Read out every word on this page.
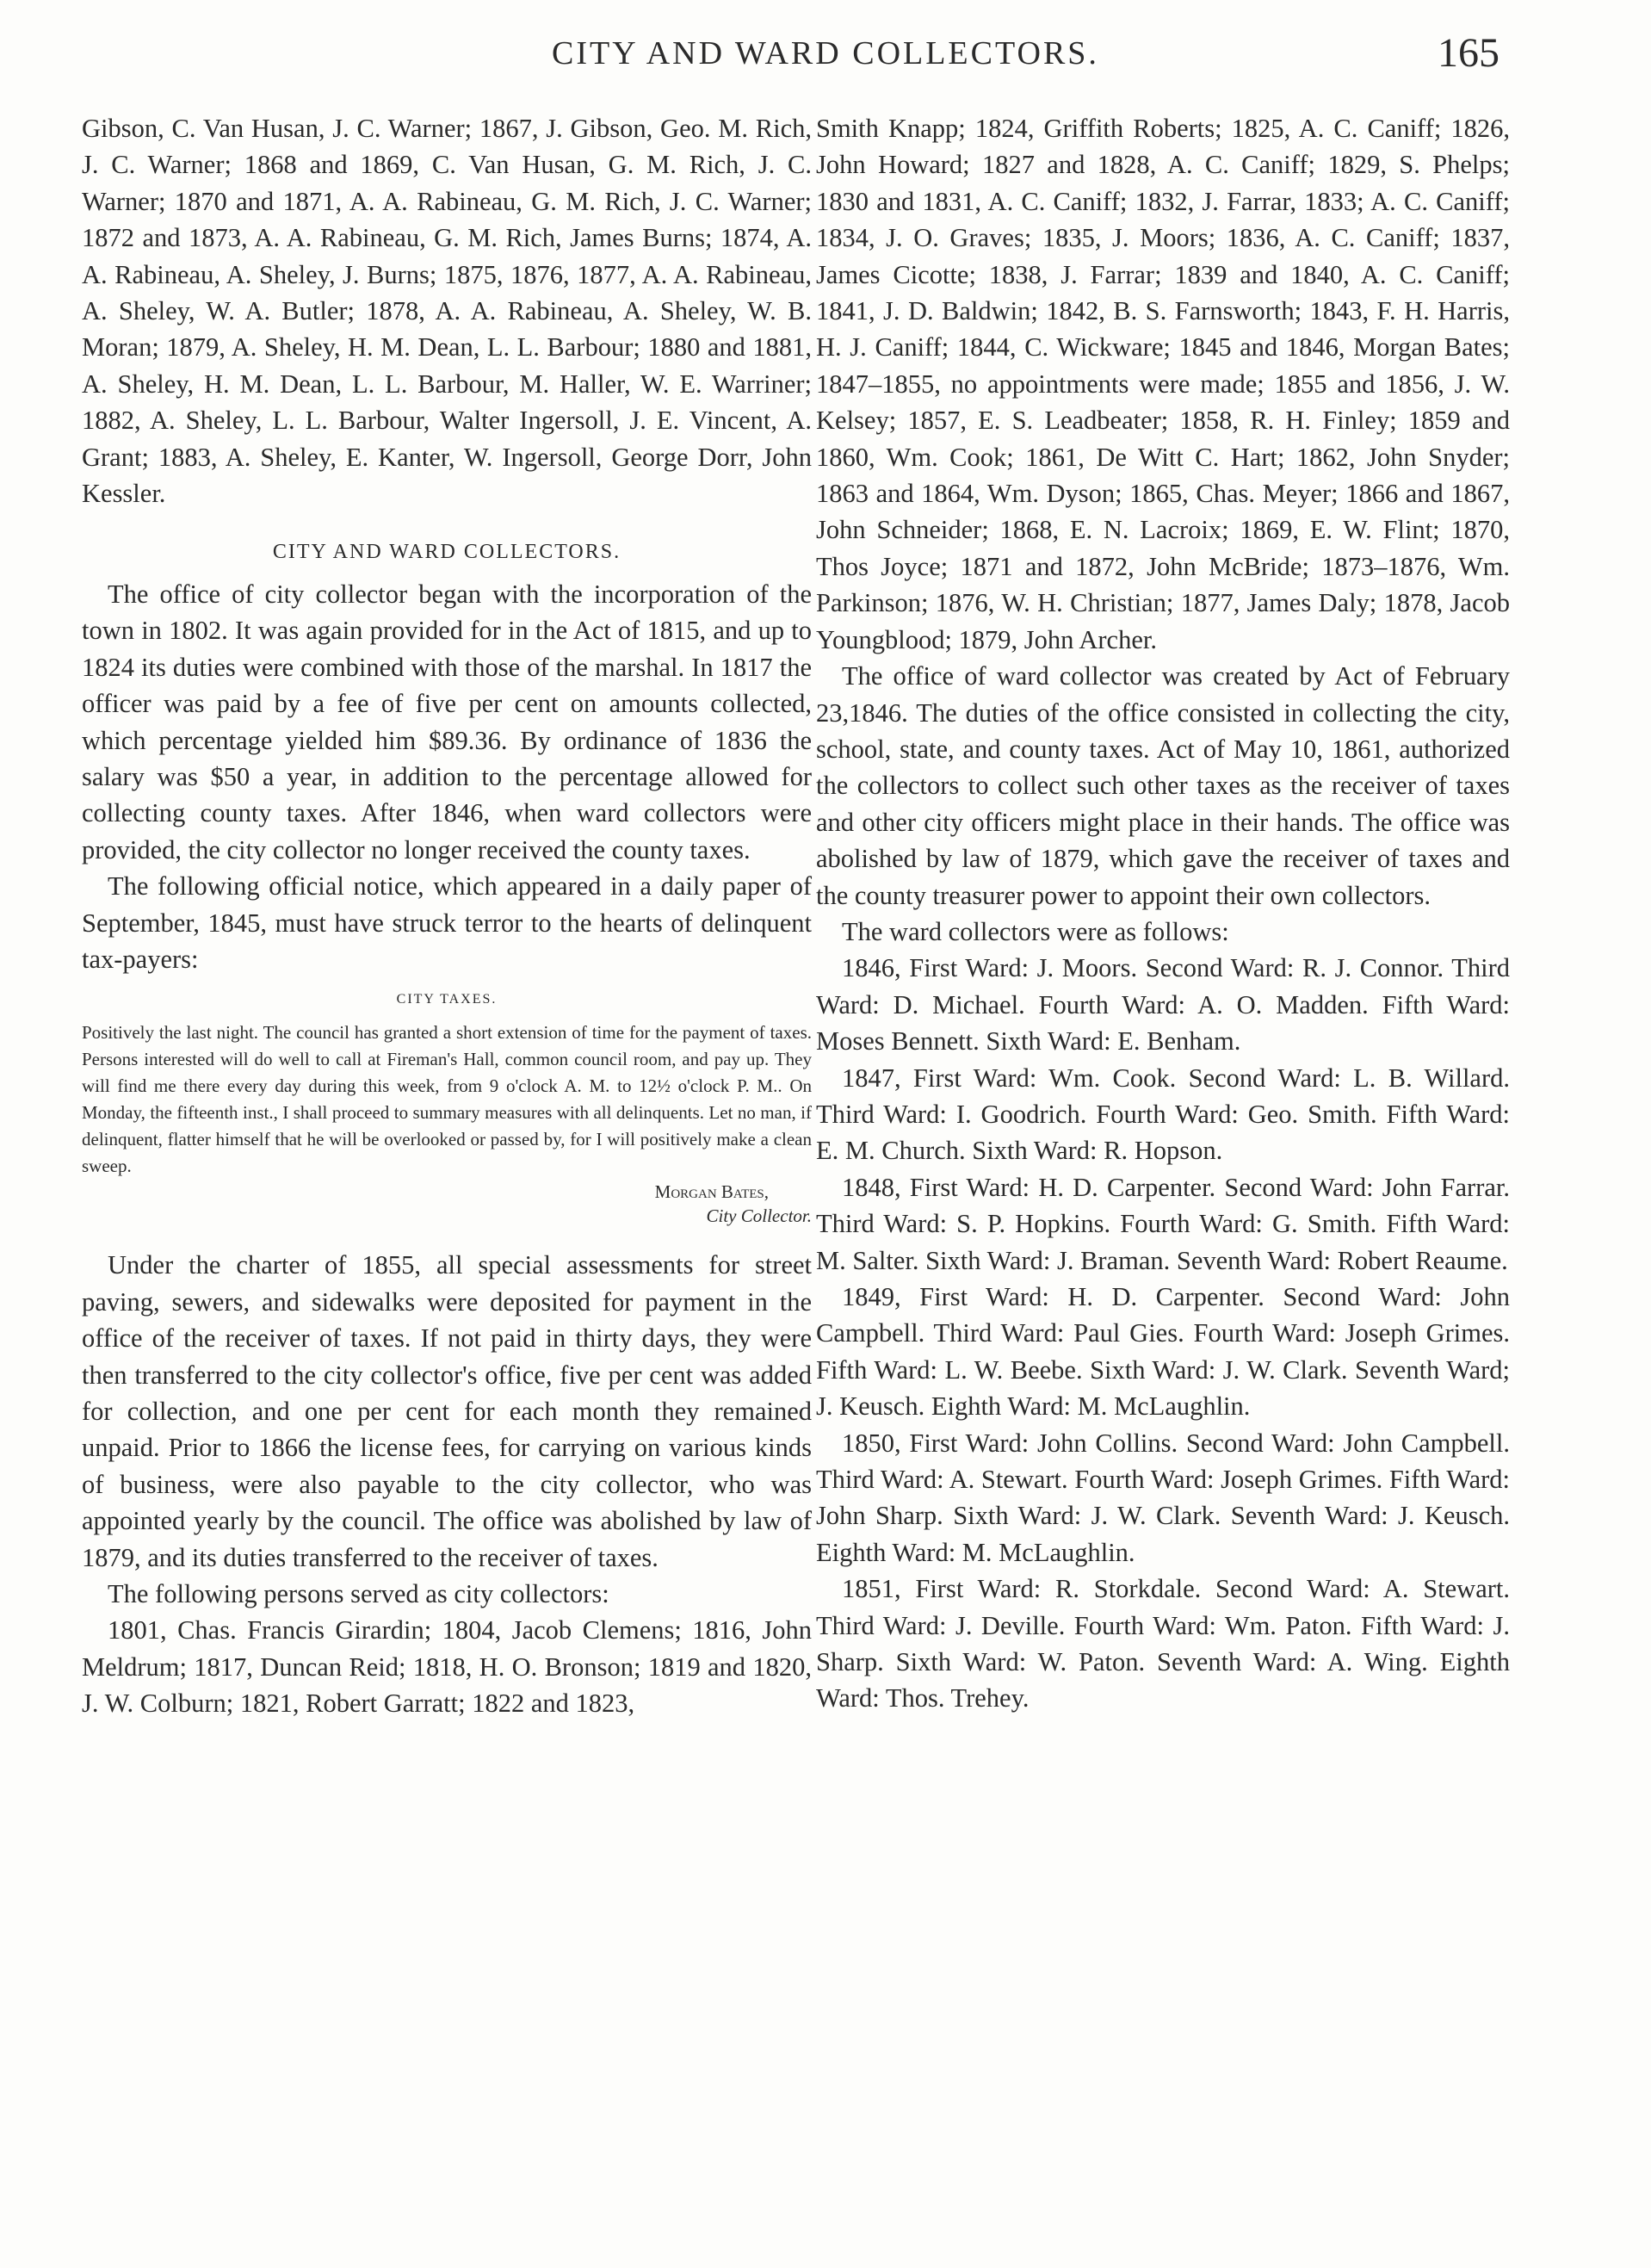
CITY AND WARD COLLECTORS.	165

Gibson, C. Van Husan, J. C. Warner; 1867, J. Gibson, Geo. M. Rich, J. C. Warner; 1868 and 1869, C. Van Husan, G. M. Rich, J. C. Warner; 1870 and 1871, A. A. Rabineau, G. M. Rich, J. C. Warner; 1872 and 1873, A. A. Rabineau, G. M. Rich, James Burns; 1874, A. A. Rabineau, A. Sheley, J. Burns; 1875, 1876, 1877, A. A. Rabineau, A. Sheley, W. A. Butler; 1878, A. A. Rabineau, A. Sheley, W. B. Moran; 1879, A. Sheley, H. M. Dean, L. L. Barbour; 1880 and 1881, A. Sheley, H. M. Dean, L. L. Barbour, M. Haller, W. E. Warriner; 1882, A. Sheley, L. L. Barbour, Walter Ingersoll, J. E. Vincent, A. Grant; 1883, A. Sheley, E. Kanter, W. Ingersoll, George Dorr, John Kessler.

CITY AND WARD COLLECTORS.

The office of city collector began with the incorporation of the town in 1802. It was again provided for in the Act of 1815, and up to 1824 its duties were combined with those of the marshal. In 1817 the officer was paid by a fee of five per cent on amounts collected, which percentage yielded him $89.36. By ordinance of 1836 the salary was $50 a year, in addition to the percentage allowed for collecting county taxes. After 1846, when ward collectors were provided, the city collector no longer received the county taxes.

The following official notice, which appeared in a daily paper of September, 1845, must have struck terror to the hearts of delinquent tax-payers:

CITY TAXES.

Positively the last night. The council has granted a short extension of time for the payment of taxes. Persons interested will do well to call at Fireman's Hall, common council room, and pay up. They will find me there every day during this week, from 9 o'clock A. M. to 12½ o'clock P. M.. On Monday, the fifteenth inst., I shall proceed to summary measures with all delinquents. Let no man, if delinquent, flatter himself that he will be overlooked or passed by, for I will positively make a clean sweep.

Morgan Bates,
City Collector.

Under the charter of 1855, all special assessments for street paving, sewers, and sidewalks were deposited for payment in the office of the receiver of taxes. If not paid in thirty days, they were then transferred to the city collector's office, five per cent was added for collection, and one per cent for each month they remained unpaid. Prior to 1866 the license fees, for carrying on various kinds of business, were also payable to the city collector, who was appointed yearly by the council. The office was abolished by law of 1879, and its duties transferred to the receiver of taxes.

The following persons served as city collectors:

1801, Chas. Francis Girardin; 1804, Jacob Clemens; 1816, John Meldrum; 1817, Duncan Reid; 1818, H. O. Bronson; 1819 and 1820, J. W. Colburn; 1821, Robert Garratt; 1822 and 1823,

Smith Knapp; 1824, Griffith Roberts; 1825, A. C. Caniff; 1826, John Howard; 1827 and 1828, A. C. Caniff; 1829, S. Phelps; 1830 and 1831, A. C. Caniff; 1832, J. Farrar, 1833; A. C. Caniff; 1834, J. O. Graves; 1835, J. Moors; 1836, A. C. Caniff; 1837, James Cicotte; 1838, J. Farrar; 1839 and 1840, A. C. Caniff; 1841, J. D. Baldwin; 1842, B. S. Farnsworth; 1843, F. H. Harris, H. J. Caniff; 1844, C. Wickware; 1845 and 1846, Morgan Bates; 1847–1855, no appointments were made; 1855 and 1856, J. W. Kelsey; 1857, E. S. Leadbeater; 1858, R. H. Finley; 1859 and 1860, Wm. Cook; 1861, De Witt C. Hart; 1862, John Snyder; 1863 and 1864, Wm. Dyson; 1865, Chas. Meyer; 1866 and 1867, John Schneider; 1868, E. N. Lacroix; 1869, E. W. Flint; 1870, Thos Joyce; 1871 and 1872, John McBride; 1873–1876, Wm. Parkinson; 1876, W. H. Christian; 1877, James Daly; 1878, Jacob Youngblood; 1879, John Archer.

The office of ward collector was created by Act of February 23,1846. The duties of the office consisted in collecting the city, school, state, and county taxes. Act of May 10, 1861, authorized the collectors to collect such other taxes as the receiver of taxes and other city officers might place in their hands. The office was abolished by law of 1879, which gave the receiver of taxes and the county treasurer power to appoint their own collectors.

The ward collectors were as follows:

1846, First Ward: J. Moors. Second Ward: R. J. Connor. Third Ward: D. Michael. Fourth Ward: A. O. Madden. Fifth Ward: Moses Bennett. Sixth Ward: E. Benham.

1847, First Ward: Wm. Cook. Second Ward: L. B. Willard. Third Ward: I. Goodrich. Fourth Ward: Geo. Smith. Fifth Ward: E. M. Church. Sixth Ward: R. Hopson.

1848, First Ward: H. D. Carpenter. Second Ward: John Farrar. Third Ward: S. P. Hopkins. Fourth Ward: G. Smith. Fifth Ward: M. Salter. Sixth Ward: J. Braman. Seventh Ward: Robert Reaume.

1849, First Ward: H. D. Carpenter. Second Ward: John Campbell. Third Ward: Paul Gies. Fourth Ward: Joseph Grimes. Fifth Ward: L. W. Beebe. Sixth Ward: J. W. Clark. Seventh Ward; J. Keusch. Eighth Ward: M. McLaughlin.

1850, First Ward: John Collins. Second Ward: John Campbell. Third Ward: A. Stewart. Fourth Ward: Joseph Grimes. Fifth Ward: John Sharp. Sixth Ward: J. W. Clark. Seventh Ward: J. Keusch. Eighth Ward: M. McLaughlin.

1851, First Ward: R. Storkdale. Second Ward: A. Stewart. Third Ward: J. Deville. Fourth Ward: Wm. Paton. Fifth Ward: J. Sharp. Sixth Ward: W. Paton. Seventh Ward: A. Wing. Eighth Ward: Thos. Trehey.
